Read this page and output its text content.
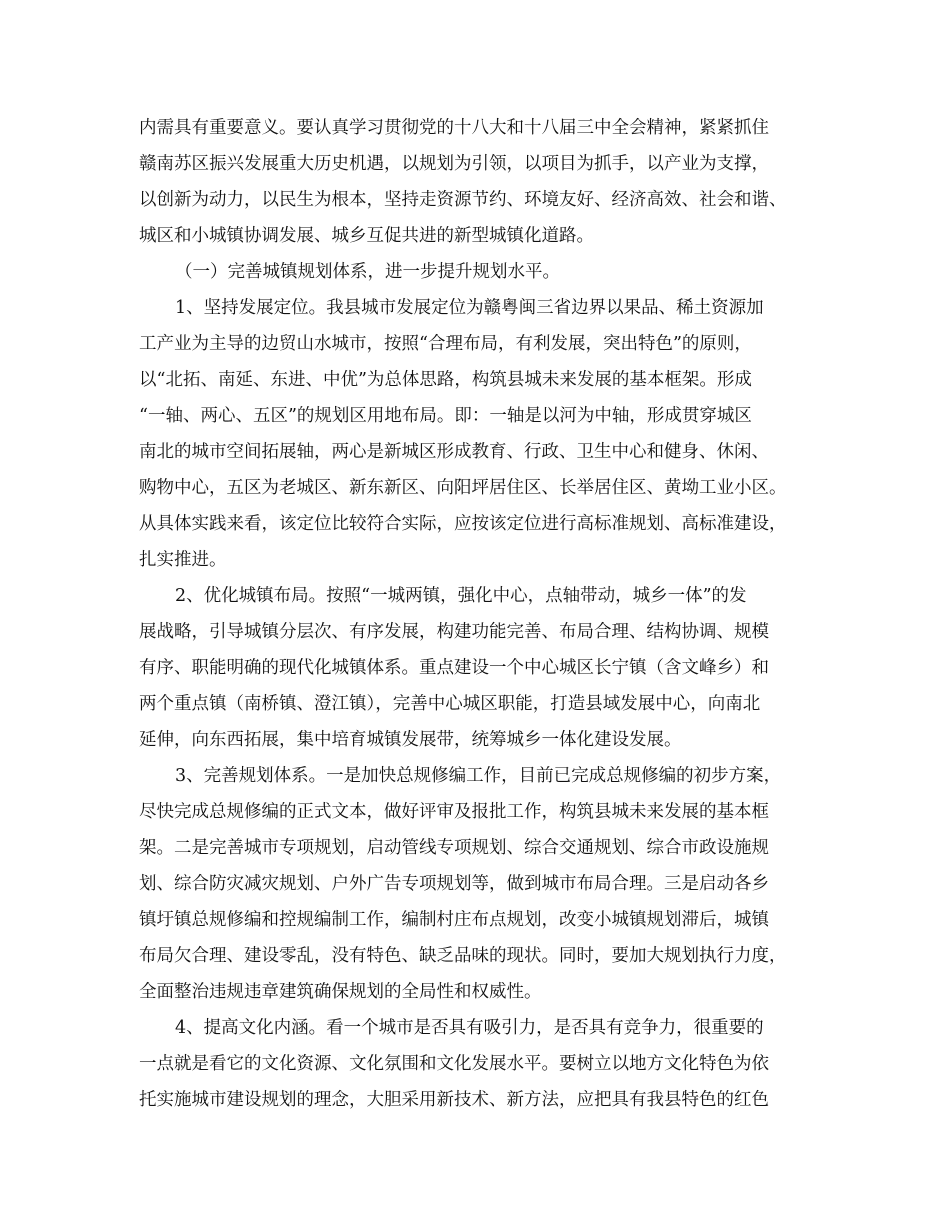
内需具有重要意义。要认真学习贯彻党的十八大和十八届三中全会精神，紧紧抓住
赣南苏区振兴发展重大历史机遇，以规划为引领，以项目为抓手，以产业为支撑，
以创新为动力，以民生为根本，坚持走资源节约、环境友好、经济高效、社会和谐、
城区和小城镇协调发展、城乡互促共进的新型城镇化道路。
（一）完善城镇规划体系，进一步提升规划水平。
1、坚持发展定位。我县城市发展定位为赣粤闽三省边界以果品、稀土资源加
工产业为主导的边贸山水城市，按照“合理布局，有利发展，突出特色”的原则，
以“北拓、南延、东进、中优”为总体思路，构筑县城未来发展的基本框架。形成
“一轴、两心、五区”的规划区用地布局。即：一轴是以河为中轴，形成贯穿城区
南北的城市空间拓展轴，两心是新城区形成教育、行政、卫生中心和健身、休闲、
购物中心，五区为老城区、新东新区、向阳坪居住区、长举居住区、黄坳工业小区。
从具体实践来看，该定位比较符合实际，应按该定位进行高标准规划、高标准建设，
扎实推进。
2、优化城镇布局。按照“一城两镇，强化中心，点轴带动，城乡一体”的发
展战略，引导城镇分层次、有序发展，构建功能完善、布局合理、结构协调、规模
有序、职能明确的现代化城镇体系。重点建设一个中心城区长宁镇（含文峰乡）和
两个重点镇（南桥镇、澄江镇），完善中心城区职能，打造县域发展中心，向南北
延伸，向东西拓展，集中培育城镇发展带，统筹城乡一体化建设发展。
3、完善规划体系。一是加快总规修编工作，目前已完成总规修编的初步方案，
尽快完成总规修编的正式文本，做好评审及报批工作，构筑县城未来发展的基本框
架。二是完善城市专项规划，启动管线专项规划、综合交通规划、综合市政设施规
划、综合防灾减灾规划、户外广告专项规划等，做到城市布局合理。三是启动各乡
镇圩镇总规修编和控规编制工作，编制村庄布点规划，改变小城镇规划滞后，城镇
布局欠合理、建设零乱，没有特色、缺乏品味的现状。同时，要加大规划执行力度，
全面整治违规违章建筑确保规划的全局性和权威性。
4、提高文化内涵。看一个城市是否具有吸引力，是否具有竞争力，很重要的
一点就是看它的文化资源、文化氛围和文化发展水平。要树立以地方文化特色为依
托实施城市建设规划的理念，大胆采用新技术、新方法，应把具有我县特色的红色
